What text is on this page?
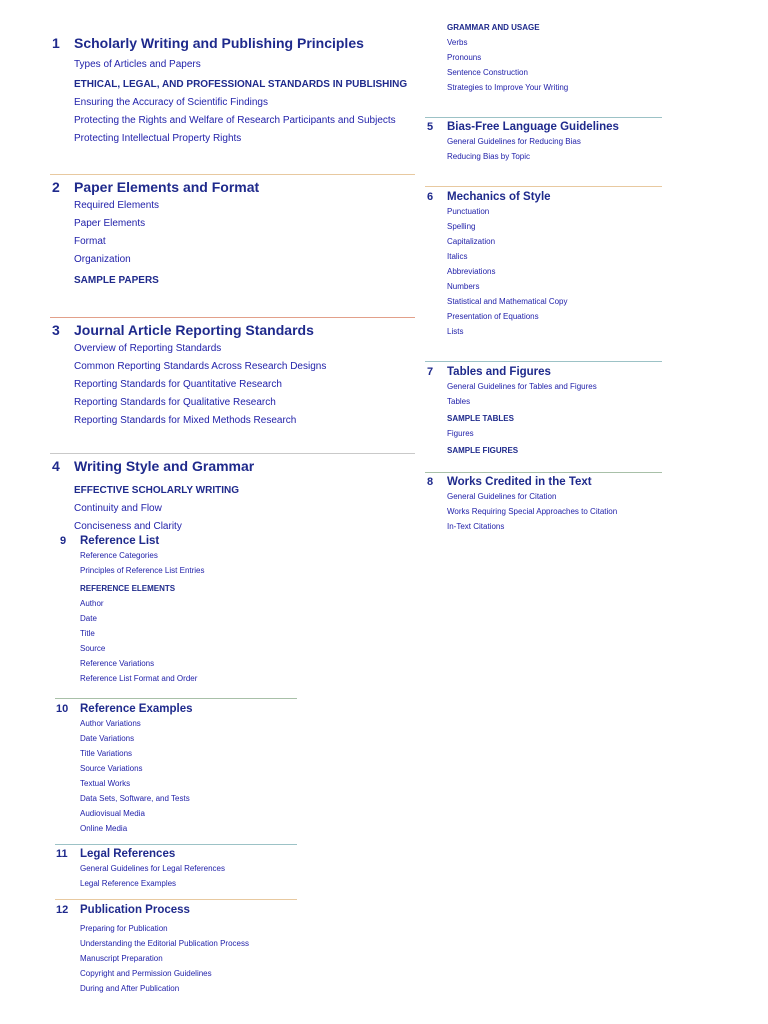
1	Scholarly Writing and Publishing Principles
Types of Articles and Papers
ETHICAL, LEGAL, AND PROFESSIONAL STANDARDS IN PUBLISHING
Ensuring the Accuracy of Scientific Findings
Protecting the Rights and Welfare of Research Participants and Subjects
Protecting Intellectual Property Rights
2	Paper Elements and Format
Required Elements
Paper Elements
Format
Organization
SAMPLE PAPERS
3	Journal Article Reporting Standards
Overview of Reporting Standards
Common Reporting Standards Across Research Designs
Reporting Standards for Quantitative Research
Reporting Standards for Qualitative Research
Reporting Standards for Mixed Methods Research
4	Writing Style and Grammar
EFFECTIVE SCHOLARLY WRITING
Continuity and Flow
Conciseness and Clarity
GRAMMAR AND USAGE
Verbs
Pronouns
Sentence Construction
Strategies to Improve Your Writing
5	Bias-Free Language Guidelines
General Guidelines for Reducing Bias
Reducing Bias by Topic
6	Mechanics of Style
Punctuation
Spelling
Capitalization
Italics
Abbreviations
Numbers
Statistical and Mathematical Copy
Presentation of Equations
Lists
7	Tables and Figures
General Guidelines for Tables and Figures
Tables
SAMPLE TABLES
Figures
SAMPLE FIGURES
8	Works Credited in the Text
General Guidelines for Citation
Works Requiring Special Approaches to Citation
In-Text Citations
9	Reference List
Reference Categories
Principles of Reference List Entries
REFERENCE ELEMENTS
Author
Date
Title
Source
Reference Variations
Reference List Format and Order
10	Reference Examples
Author Variations
Date Variations
Title Variations
Source Variations
Textual Works
Data Sets, Software, and Tests
Audiovisual Media
Online Media
11	Legal References
General Guidelines for Legal References
Legal Reference Examples
12	Publication Process
Preparing for Publication
Understanding the Editorial Publication Process
Manuscript Preparation
Copyright and Permission Guidelines
During and After Publication
